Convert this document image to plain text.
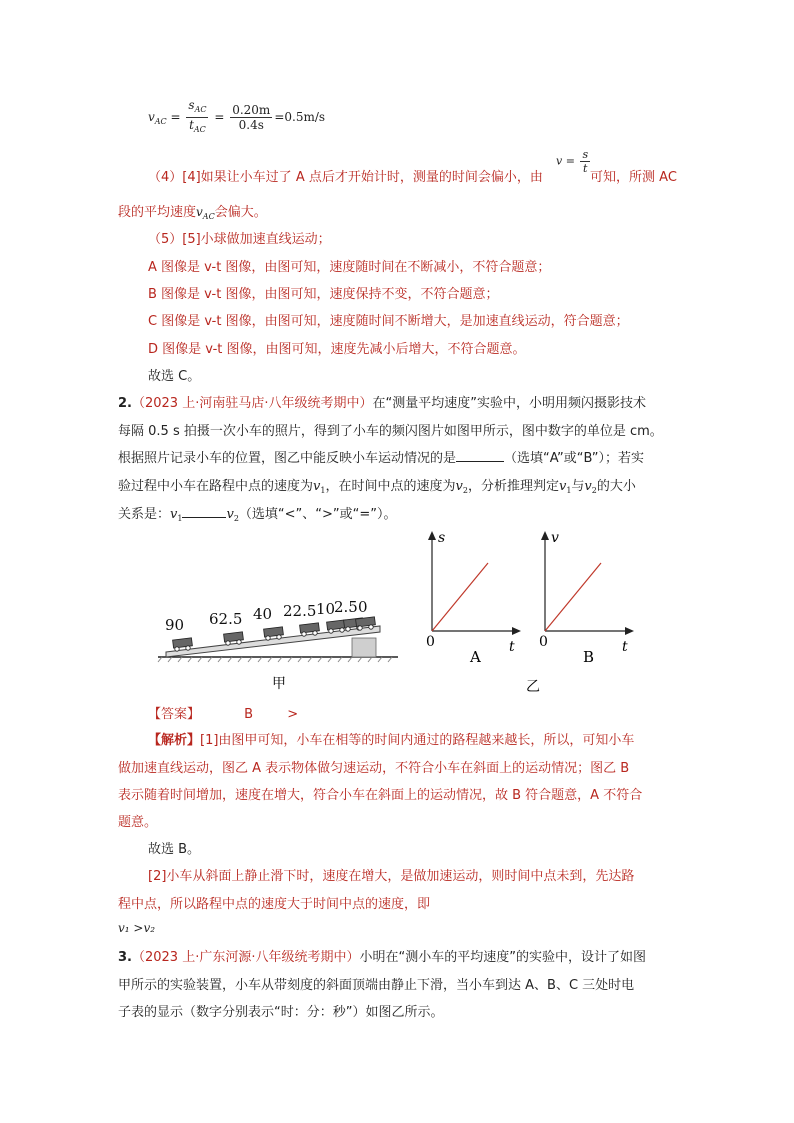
$v_{AC} = \frac{s_{AC}}{t_{AC}} = \frac{0.20m}{0.4s} =0.5m/s$
（4）[4]如果让小车过了 A 点后才开始计时，测量的时间会偏小，由
$v = \frac{s}{t}$
可知，所测 AC
段的平均速度$v_{AC}$会偏大。
（5）[5]小球做加速直线运动；
A 图像是 v-t 图像，由图可知，速度随时间在不断减小，不符合题意；
B 图像是 v-t 图像，由图可知，速度保持不变，不符合题意；
C 图像是 v-t 图像，由图可知，速度随时间不断增大，是加速直线运动，符合题意；
D 图像是 v-t 图像，由图可知，速度先减小后增大，不符合题意。
故选 C。
2.（2023 上·河南驻马店·八年级统考期中）在“测量平均速度”实验中，小明用频闪摄影技术
每隔 0.5 s 拍摄一次小车的照片，得到了小车的频闪图片如图甲所示，图中数字的单位是 cm。
根据照片记录小车的位置，图乙中能反映小车运动情况的是	（选填“A”或“B”）；若实
验过程中小车在路程中点的速度为$v_1$，在时间中点的速度为$v_2$，分析推理判定$v_1$与$v_2$的大小
关系是：$v_1$	$v_2$（选填“<”、“>”或“=”）。
90 62.5 40 22.5 10
2.5 0
s
t
0
A
v
t
0
B
甲	乙
【答案】	B	>
【解析】[1]由图甲可知，小车在相等的时间内通过的路程越来越长，所以，可知小车
做加速直线运动，图乙 A 表示物体做匀速运动，不符合小车在斜面上的运动情况；图乙 B
表示随着时间增加，速度在增大，符合小车在斜面上的运动情况，故 B 符合题意，A 不符合
题意。
故选 B。
[2]小车从斜面上静止滑下时，速度在增大，是做加速运动，则时间中点未到，先达路
程中点，所以路程中点的速度大于时间中点的速度，即
v₁ >v₂
3.（2023 上·广东河源·八年级统考期中）小明在“测小车的平均速度”的实验中，设计了如图
甲所示的实验装置，小车从带刻度的斜面顶端由静止下滑，当小车到达 A、B、C 三处时电
子表的显示（数字分别表示“时：分：秒”）如图乙所示。
